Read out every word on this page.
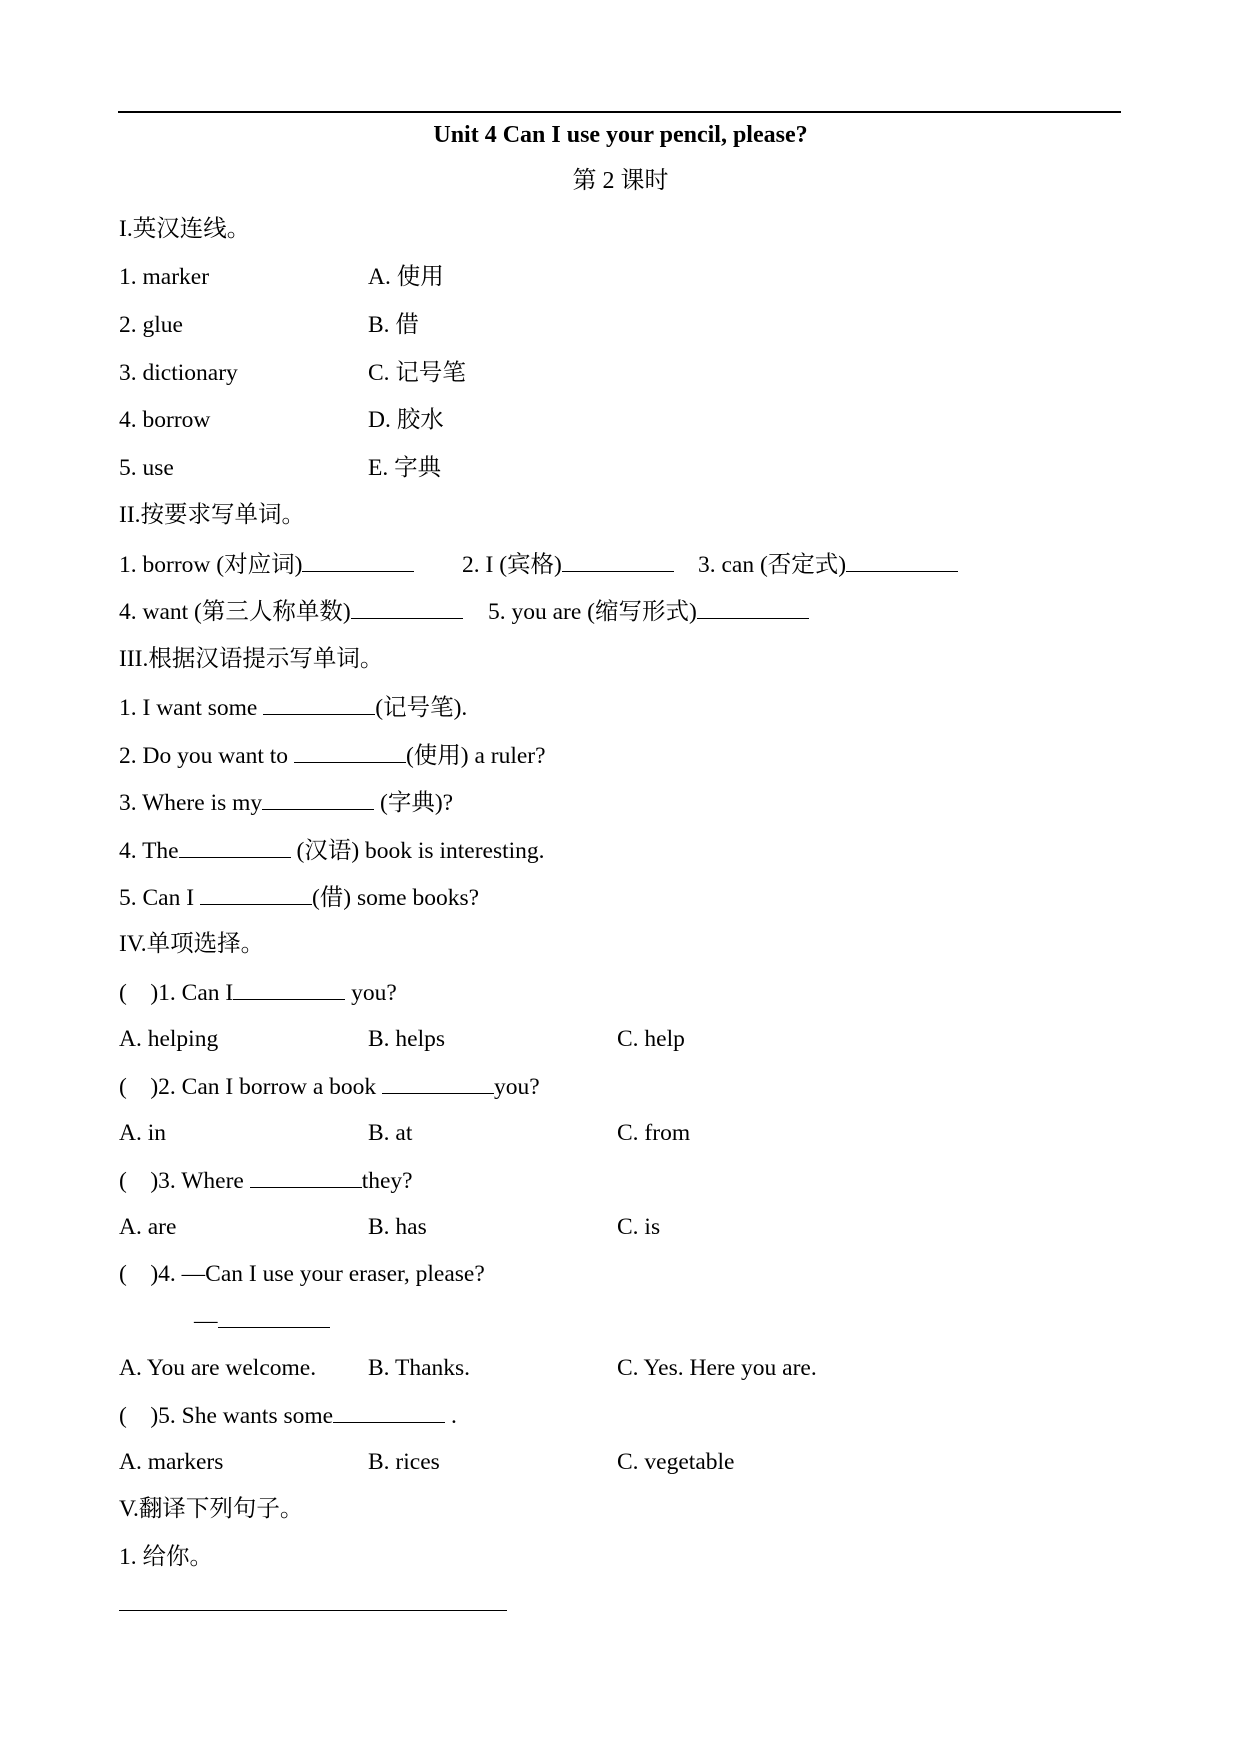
Unit 4 Can I use your pencil, please?
第 2 课时
I.英汉连线。
1. marker	A. 使用
2. glue	B. 借
3. dictionary	C. 记号笔
4. borrow	D. 胶水
5. use	E. 字典
II.按要求写单词。
1. borrow (对应词)	2. I (宾格)	3. can (否定式)
4. want (第三人称单数)	5. you are (缩写形式)
III.根据汉语提示写单词。
1. I want some	(记号笔).
2. Do you want to	(使用) a ruler?
3. Where is my	(字典)?
4. The	(汉语) book is interesting.
5. Can I	(借) some books?
IV.单项选择。
(    )1. Can I	you?
A. helping	B. helps	C. help
(    )2. Can I borrow a book	you?
A. in	B. at	C. from
(    )3. Where	they?
A. are	B. has	C. is
(    )4. —Can I use your eraser, please?
—
A. You are welcome. B. Thanks.	C. Yes. Here you are.
(    )5. She wants some	.
A. markers	B. rices	C. vegetable
V.翻译下列句子。
1. 给你。
